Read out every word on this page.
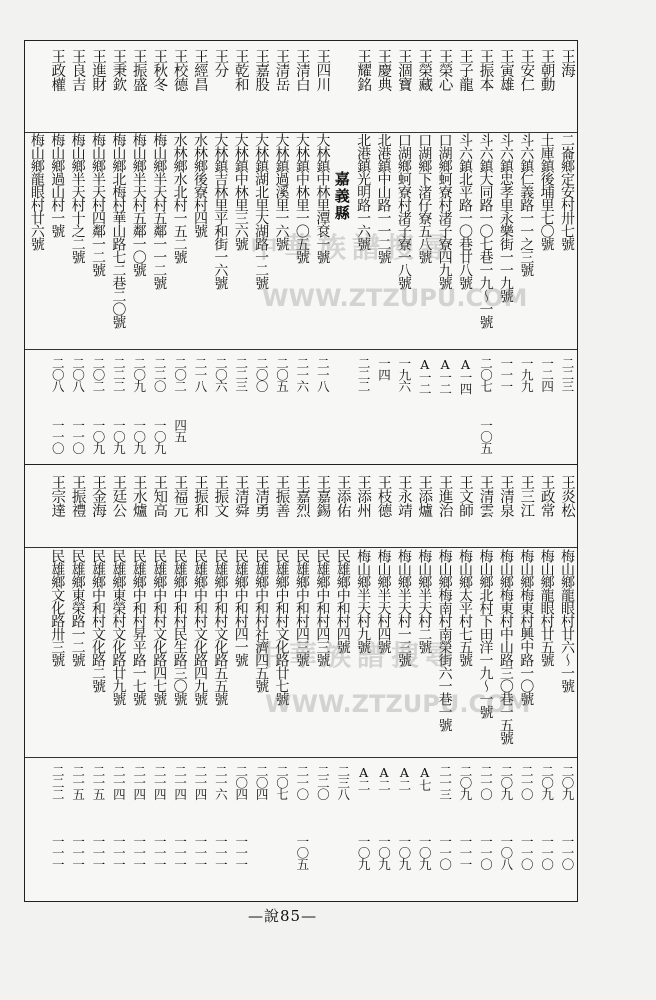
王海
二崙鄉定安村卅七號
二二三
王朝動
土庫鎮後埔里七〇號
一二四
王安仁
斗六鎮仁義路一一之三號
一九九
王寅雄
斗六鎮忠孝里永樂街一一九號
一一一
王振本
斗六鎮大同路一〇七巷一九～一號
二〇七
一〇五
王子龍
斗六鎮北平路一〇巷廿八號
A一四
王榮心
口湖鄉蚵寮村渚子寮四九號
A一二
王榮藏
口湖鄉下渚仔寮五八號
A一二
王涸寶
口湖鄉蚵寮村渚子寮一八號
一九六
王慶典
北港鎮中山路一一二號
一四
王耀銘
北港鎮光明路一六號
二二二
嘉義縣
王四川
大林鎮中林里潭袞一號
二一八
王清白
大林鎮中林里一〇五號
二一六
王清岳
大林鎮過溪里一六號
二〇五
王嘉股
大林鎮湖北里大湖路一二號
二〇〇
王乾和
大林鎮中林里三六號
二二三
王分
大林鎮吉林里平和街一六號
二〇六
王經昌
水林鄉後寮村四號
二一八
王校德
水林鄉水北村一五二號
二〇二
四五
王秋冬
梅山鄉半天村五鄰一一二號
二二〇
一〇九
王振盛
梅山鄉半天村五鄰一〇號
二〇九
一〇九
王秉欽
梅山鄉北梅村華山路七二巷二〇號
二二二
一〇九
王進財
梅山鄉半天村四鄰一二號
二〇二
一〇九
王良吉
梅山鄉半天村十之二號
二〇八
一一〇
王政權
梅山鄉過山村一號
二〇八
一一〇
梅山鄉龍眼村廿六號
王炎松
梅山鄉龍眼村廿六～一號
二〇九
一一〇
王政常
梅山鄉龍眼村廿五號
二〇九
一一〇
王三江
梅山鄉梅東村興中路一〇號
二一〇
一一〇
王清泉
梅山鄉梅東村中山路三〇巷一五號
二〇九
一〇八
王清雲
梅山鄉北村下田洋一九～一號
二一〇
一一〇
王文師
梅山鄉太平村七五號
二〇九
一一一
王進治
梅山鄉梅南村南榮街六一巷一號
二一三
一一〇
王添爐
梅山鄉半天村二號
A七
一〇九
王永靖
梅山鄉半天村一三號
A二
一〇九
王枝德
梅山鄉半天村四號
A二
一〇九
王添州
梅山鄉半天村九號
A二
一〇九
王添佑
民雄鄉中和村四號
二三八
王嘉錫
民雄鄉中和村四三號
二二〇
王嘉烈
民雄鄉中和村四三號
二一〇
一〇五
王振善
民雄鄉中和村文化路廿七號
二〇七
王清勇
民雄鄉中和村社濟四五號
二〇四
王清舜
民雄鄉中和村四一號
二〇四
一一一
王振文
民雄鄉中和村文化路五五號
二一六
一一一
王振和
民雄鄉中和村文化路四九號
二一四
一一一
王福元
民雄鄉中和村民生路三〇號
二一四
一一一
王知高
民雄鄉中和村文化路四七號
二一四
一一一
王水爐
民雄鄉中和村昇平路一七號
二一四
一一一
王廷公
民雄鄉東榮村文化路廿九號
二一四
一一一
王金海
民雄鄉中和村文化路二號
二一五
一一一
王振禮
民雄鄉東榮路一二號
二一五
一一一
王宗達
民雄鄉文化路卅三號
二二二
一一一
中華族譜搜尋
WWW.ZTZUPU.COM
中華族譜搜尋
WWW.ZTZUPU.COM
—說85—
